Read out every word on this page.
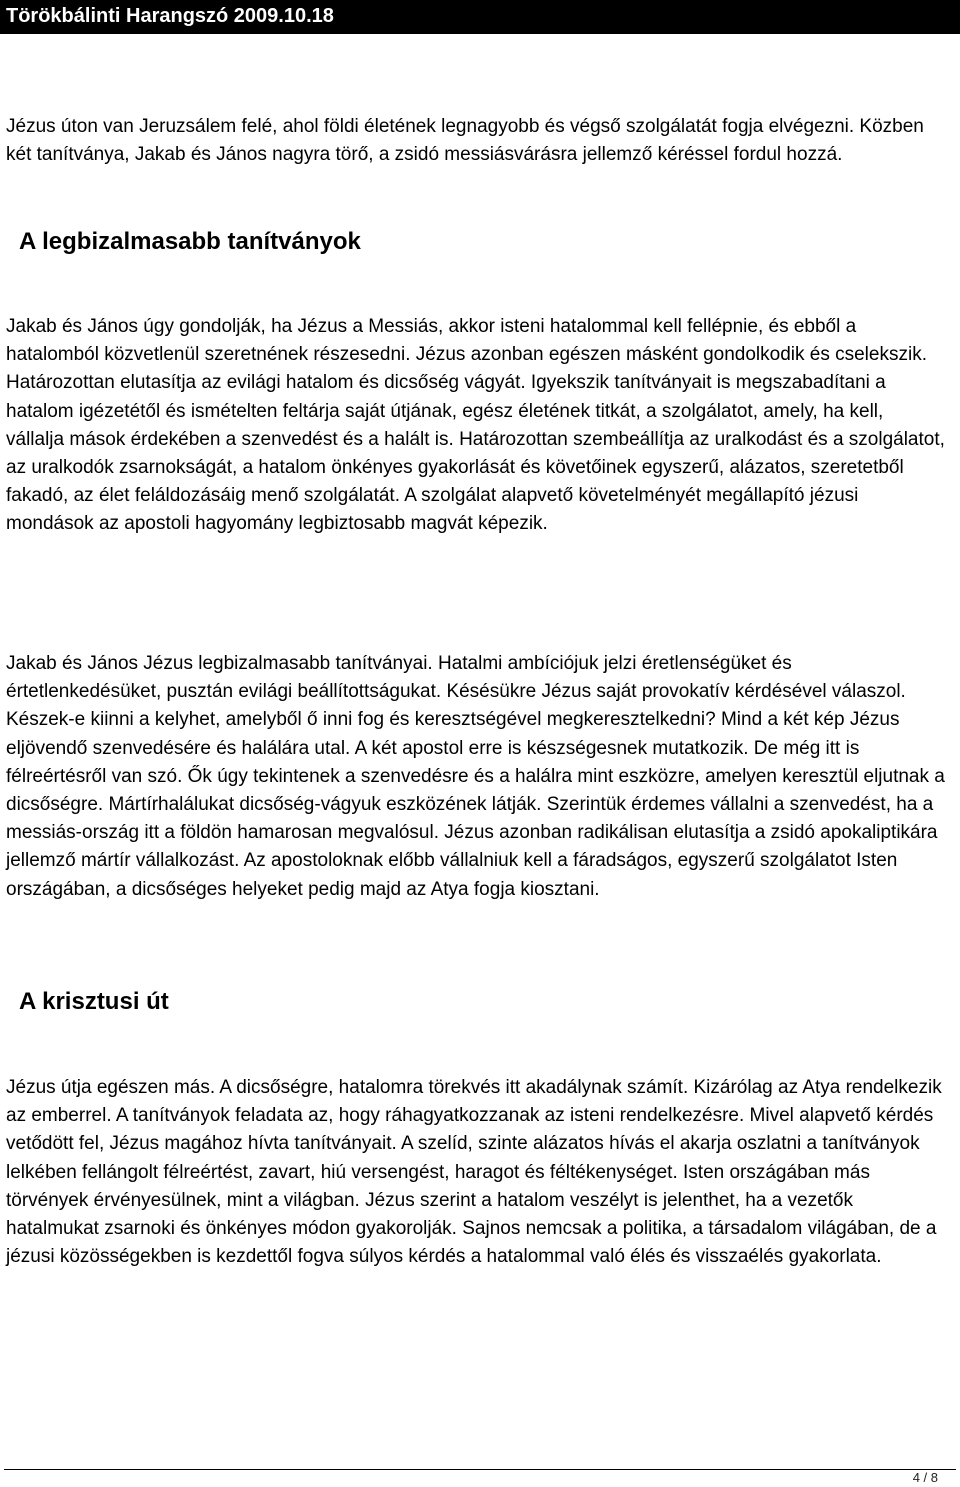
Törökbálinti Harangszó 2009.10.18

Jézus úton van Jeruzsálem felé, ahol földi életének legnagyobb és végső szolgálatát fogja elvégezni. Közben két tanítványa, Jakab és János nagyra törő, a zsidó messiásvárásra jellemző kéréssel fordul hozzá.

A legbizalmasabb tanítványok

Jakab és János úgy gondolják, ha Jézus a Messiás, akkor isteni hatalommal kell fellépnie, és ebből a hatalomból közvetlenül szeretnének részesedni. Jézus azonban egészen másként gondolkodik és cselekszik. Határozottan elutasítja az evilági hatalom és dicsőség vágyát. Igyekszik tanítványait is megszabadítani a hatalom igézetétől és ismételten feltárja saját útjának, egész életének titkát, a szolgálatot, amely, ha kell, vállalja mások érdekében a szenvedést és a halált is. Határozottan szembeállítja az uralkodást és a szolgálatot, az uralkodók zsarnokságát, a hatalom önkényes gyakorlását és követőinek egyszerű, alázatos, szeretetből fakadó, az élet feláldozásáig menő szolgálatát. A szolgálat alapvető követelményét megállapító jézusi mondások az apostoli hagyomány legbiztosabb magvát képezik.

Jakab és János Jézus legbizalmasabb tanítványai. Hatalmi ambíciójuk jelzi éretlenségüket és értetlenkedésüket, pusztán evilági beállítottságukat. Késésükre Jézus saját provokatív kérdésével válaszol. Készek-e kiinni a kelyhet, amelyből ő inni fog és keresztségével megkeresztelkedni? Mind a két kép Jézus eljövendő szenvedésére és halálára utal. A két apostol erre is készségesnek mutatkozik. De még itt is félreértésről van szó. Ők úgy tekintenek a szenvedésre és a halálra mint eszközre, amelyen keresztül eljutnak a dicsőségre. Mártírhalálukat dicsőség-vágyuk eszközének látják. Szerintük érdemes vállalni a szenvedést, ha a messiás-ország itt a földön hamarosan megvalósul. Jézus azonban radikálisan elutasítja a zsidó apokaliptikára jellemző mártír vállalkozást. Az apostoloknak előbb vállalniuk kell a fáradságos, egyszerű szolgálatot Isten országában, a dicsőséges helyeket pedig majd az Atya fogja kiosztani.

A krisztusi út

Jézus útja egészen más. A dicsőségre, hatalomra törekvés itt akadálynak számít. Kizárólag az Atya rendelkezik az emberrel. A tanítványok feladata az, hogy ráhagyatkozzanak az isteni rendelkezésre. Mivel alapvető kérdés vetődött fel, Jézus magához hívta tanítványait. A szelíd, szinte alázatos hívás el akarja oszlatni a tanítványok lelkében fellángolt félreértést, zavart, hiú versengést, haragot és féltékenységet. Isten országában más törvények érvényesülnek, mint a világban. Jézus szerint a hatalom veszélyt is jelenthet, ha a vezetők hatalmukat zsarnoki és önkényes módon gyakorolják. Sajnos nemcsak a politika, a társadalom világában, de a jézusi közösségekben is kezdettől fogva súlyos kérdés a hatalommal való élés és visszaélés gyakorlata.

4 / 8
